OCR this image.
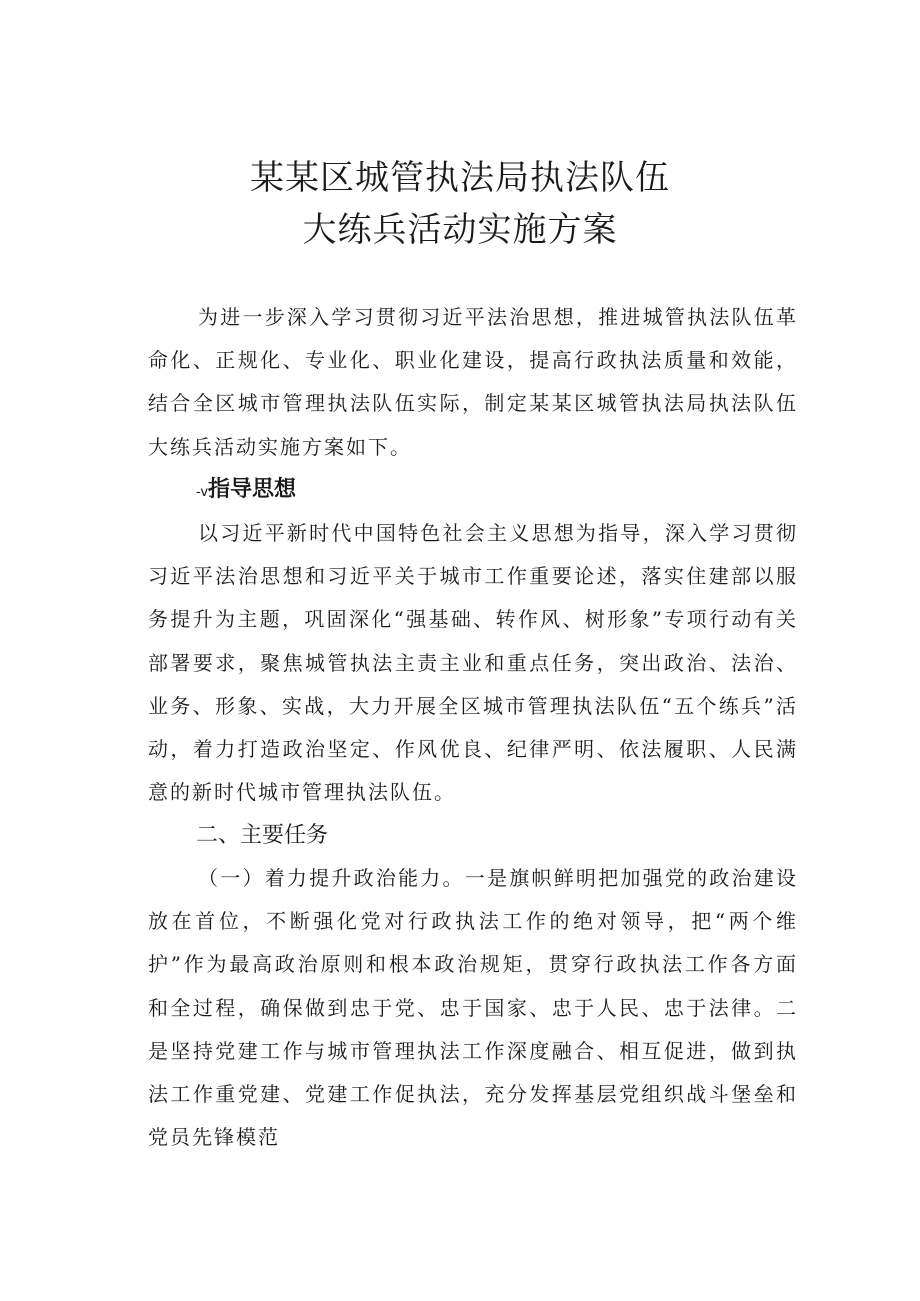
某某区城管执法局执法队伍
大练兵活动实施方案

为进一步深入学习贯彻习近平法治思想，推进城管执法队伍革命化、正规化、专业化、职业化建设，提高行政执法质量和效能，结合全区城市管理执法队伍实际，制定某某区城管执法局执法队伍大练兵活动实施方案如下。

-v指导思想

以习近平新时代中国特色社会主义思想为指导，深入学习贯彻习近平法治思想和习近平关于城市工作重要论述，落实住建部以服务提升为主题，巩固深化“强基础、转作风、树形象”专项行动有关部署要求，聚焦城管执法主责主业和重点任务，突出政治、法治、业务、形象、实战，大力开展全区城市管理执法队伍“五个练兵”活动，着力打造政治坚定、作风优良、纪律严明、依法履职、人民满意的新时代城市管理执法队伍。

二、主要任务

（一）着力提升政治能力。一是旗帜鲜明把加强党的政治建设放在首位，不断强化党对行政执法工作的绝对领导，把“两个维护”作为最高政治原则和根本政治规矩，贯穿行政执法工作各方面和全过程，确保做到忠于党、忠于国家、忠于人民、忠于法律。二是坚持党建工作与城市管理执法工作深度融合、相互促进，做到执法工作重党建、党建工作促执法，充分发挥基层党组织战斗堡垒和党员先锋模范
